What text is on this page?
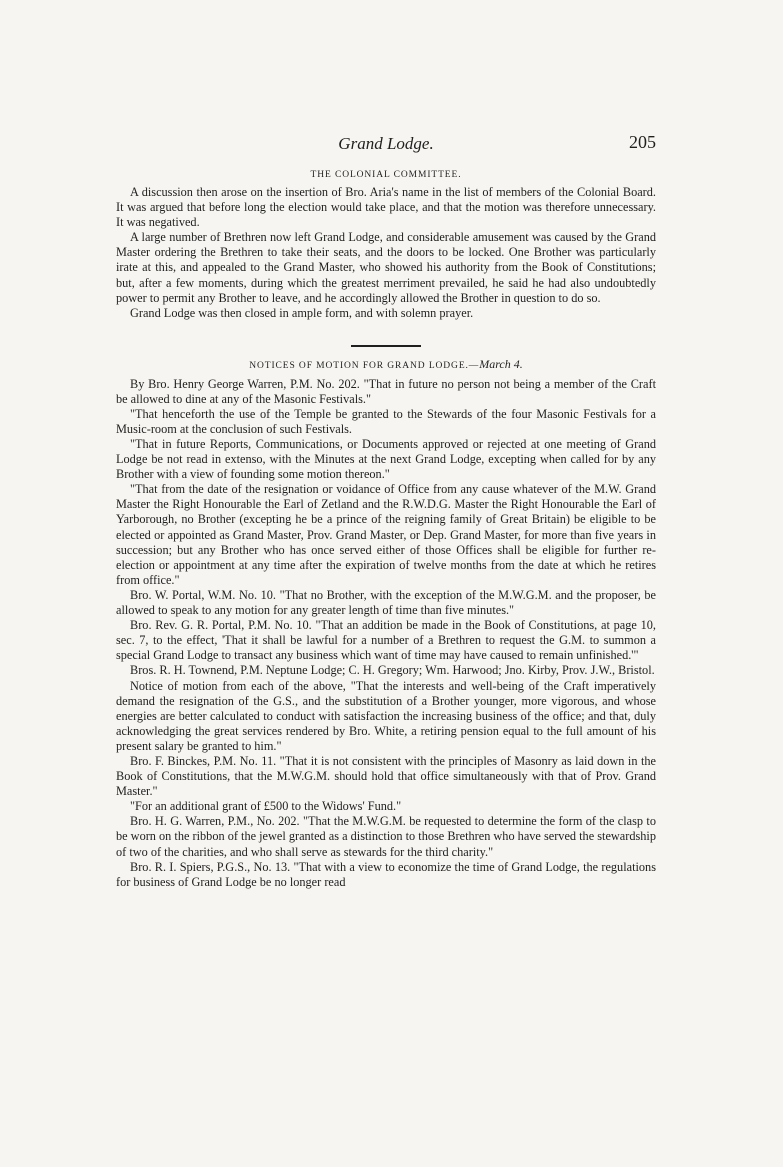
Grand Lodge.	205
THE COLONIAL COMMITTEE.

A discussion then arose on the insertion of Bro. Aria's name in the list of members of the Colonial Board. It was argued that before long the election would take place, and that the motion was therefore unnecessary. It was negatived.

A large number of Brethren now left Grand Lodge, and considerable amusement was caused by the Grand Master ordering the Brethren to take their seats, and the doors to be locked. One Brother was particularly irate at this, and appealed to the Grand Master, who showed his authority from the Book of Constitutions; but, after a few moments, during which the greatest merriment prevailed, he said he had also undoubtedly power to permit any Brother to leave, and he accordingly allowed the Brother in question to do so.

Grand Lodge was then closed in ample form, and with solemn prayer.

NOTICES OF MOTION FOR GRAND LODGE.—March 4.

By Bro. Henry George Warren, P.M. No. 202. "That in future no person not being a member of the Craft be allowed to dine at any of the Masonic Festivals."

"That henceforth the use of the Temple be granted to the Stewards of the four Masonic Festivals for a Music-room at the conclusion of such Festivals.

"That in future Reports, Communications, or Documents approved or rejected at one meeting of Grand Lodge be not read in extenso, with the Minutes at the next Grand Lodge, excepting when called for by any Brother with a view of founding some motion thereon."

"That from the date of the resignation or voidance of Office from any cause whatever of the M.W. Grand Master the Right Honourable the Earl of Zetland and the R.W.D.G. Master the Right Honourable the Earl of Yarborough, no Brother (excepting he be a prince of the reigning family of Great Britain) be eligible to be elected or appointed as Grand Master, Prov. Grand Master, or Dep. Grand Master, for more than five years in succession; but any Brother who has once served either of those Offices shall be eligible for further re-election or appointment at any time after the expiration of twelve months from the date at which he retires from office."

Bro. W. Portal, W.M. No. 10. "That no Brother, with the exception of the M.W.G.M. and the proposer, be allowed to speak to any motion for any greater length of time than five minutes."

Bro. Rev. G. R. Portal, P.M. No. 10. "That an addition be made in the Book of Constitutions, at page 10, sec. 7, to the effect, 'That it shall be lawful for a number of a Brethren to request the G.M. to summon a special Grand Lodge to transact any business which want of time may have caused to remain unfinished.'"

Bros. R. H. Townend, P.M. Neptune Lodge; C. H. Gregory; Wm. Harwood; Jno. Kirby, Prov. J.W., Bristol.

Notice of motion from each of the above, "That the interests and well-being of the Craft imperatively demand the resignation of the G.S., and the substitution of a Brother younger, more vigorous, and whose energies are better calculated to conduct with satisfaction the increasing business of the office; and that, duly acknowledging the great services rendered by Bro. White, a retiring pension equal to the full amount of his present salary be granted to him."

Bro. F. Binckes, P.M. No. 11. "That it is not consistent with the principles of Masonry as laid down in the Book of Constitutions, that the M.W.G.M. should hold that office simultaneously with that of Prov. Grand Master."

"For an additional grant of £500 to the Widows' Fund."

Bro. H. G. Warren, P.M., No. 202. "That the M.W.G.M. be requested to determine the form of the clasp to be worn on the ribbon of the jewel granted as a distinction to those Brethren who have served the stewardship of two of the charities, and who shall serve as stewards for the third charity."

Bro. R. I. Spiers, P.G.S., No. 13. "That with a view to economize the time of Grand Lodge, the regulations for business of Grand Lodge be no longer read
